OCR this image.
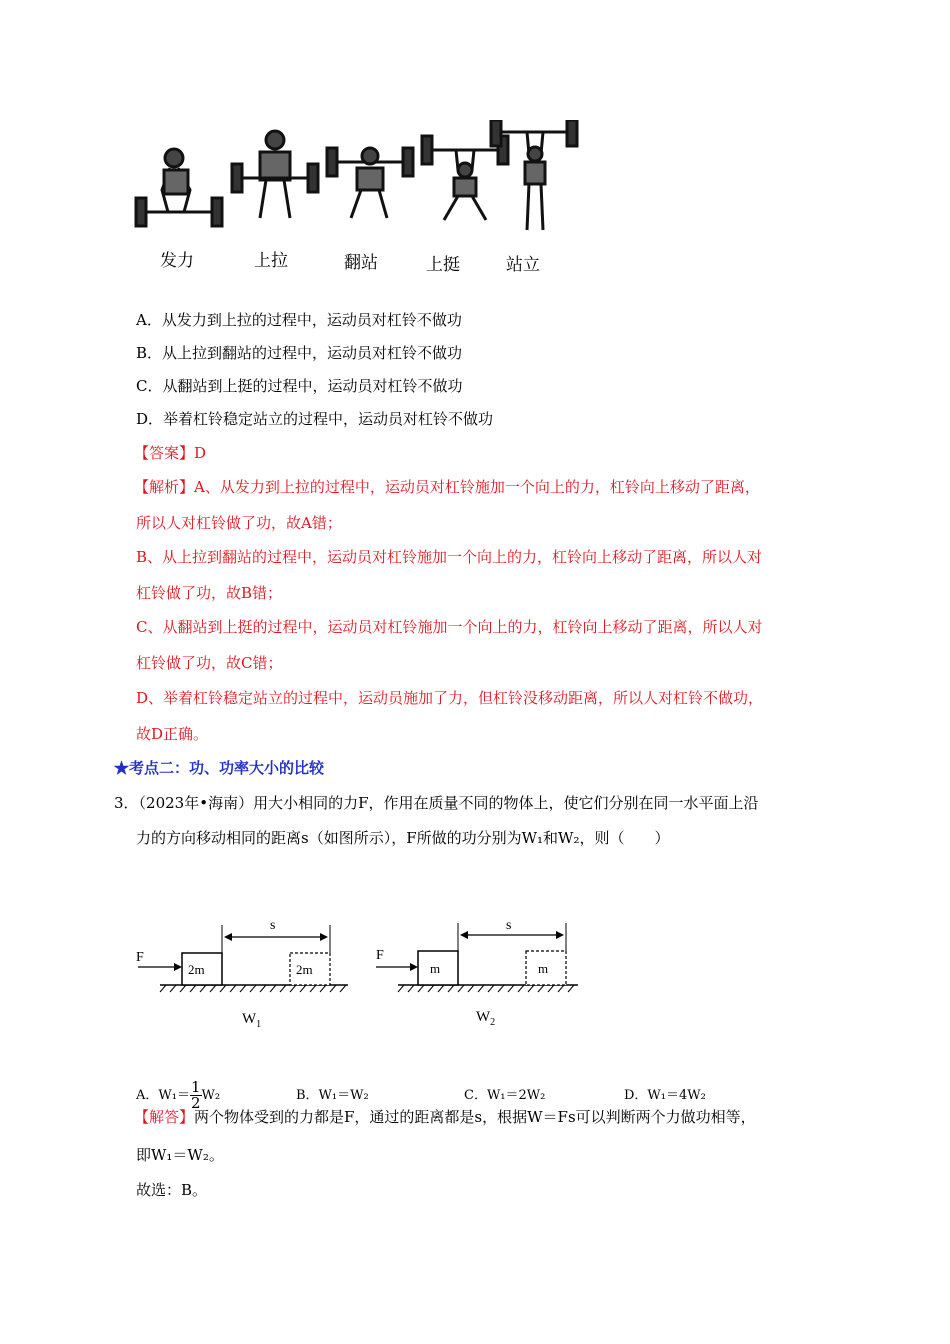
发力	上拉	翻站	上挺	站立
A．从发力到上拉的过程中，运动员对杠铃不做功
B．从上拉到翻站的过程中，运动员对杠铃不做功
C．从翻站到上挺的过程中，运动员对杠铃不做功
D．举着杠铃稳定站立的过程中，运动员对杠铃不做功
【答案】D
【解析】A、从发力到上拉的过程中，运动员对杠铃施加一个向上的力，杠铃向上移动了距离，
所以人对杠铃做了功，故A错；
B、从上拉到翻站的过程中，运动员对杠铃施加一个向上的力，杠铃向上移动了距离，所以人对
杠铃做了功，故B错；
C、从翻站到上挺的过程中，运动员对杠铃施加一个向上的力，杠铃向上移动了距离，所以人对
杠铃做了功，故C错；
D、举着杠铃稳定站立的过程中，运动员施加了力，但杠铃没移动距离，所以人对杠铃不做功，
故D正确。
★考点二：功、功率大小的比较
3．（2023年•海南）用大小相同的力F，作用在质量不同的物体上，使它们分别在同一水平面上沿
力的方向移动相同的距离s（如图所示），F所做的功分别为W₁和W₂，则（　　）
F
s
2m	2m
$W_1$
F
s
m	m
$W_2$
A．$W_1= \frac{1}{2} W_2$	B．W₁＝W₂	C．W₁＝2W₂	D．W₁＝4W₂
【解答】两个物体受到的力都是F，通过的距离都是s，根据W＝Fs可以判断两个力做功相等，
即W₁＝W₂。
故选：B。
